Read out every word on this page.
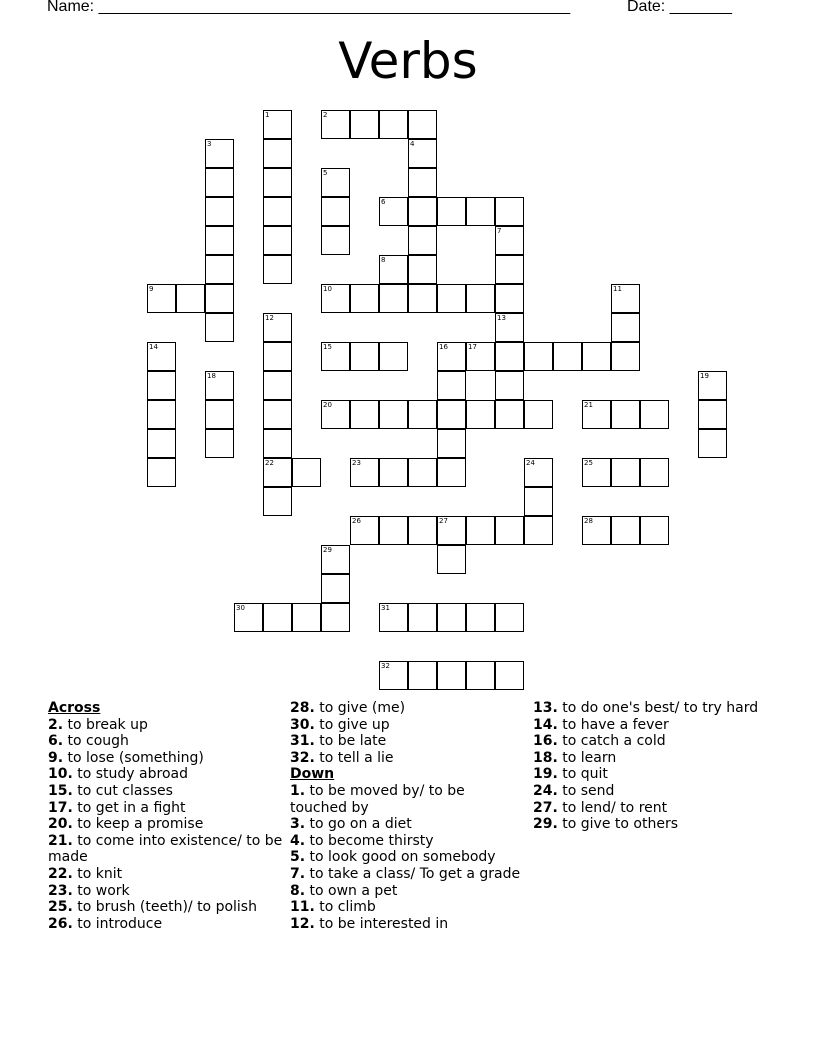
Name: _____________________________________________________	Date: _______
Verbs
1	2
3	4
5
6
7
8
9	10	11
12	13
14	15	16	17
18	19
20	21
22	23	24	25
26	27	28
29
30	31
32
Across
2. to break up
6. to cough
9. to lose (something)
10. to study abroad
15. to cut classes
17. to get in a fight
20. to keep a promise
21. to come into existence/ to be made
22. to knit
23. to work
25. to brush (teeth)/ to polish
26. to introduce
28. to give (me)
30. to give up
31. to be late
32. to tell a lie
Down
1. to be moved by/ to be touched by
3. to go on a diet
4. to become thirsty
5. to look good on somebody
7. to take a class/ To get a grade
8. to own a pet
11. to climb
12. to be interested in
13. to do one's best/ to try hard
14. to have a fever
16. to catch a cold
18. to learn
19. to quit
24. to send
27. to lend/ to rent
29. to give to others
